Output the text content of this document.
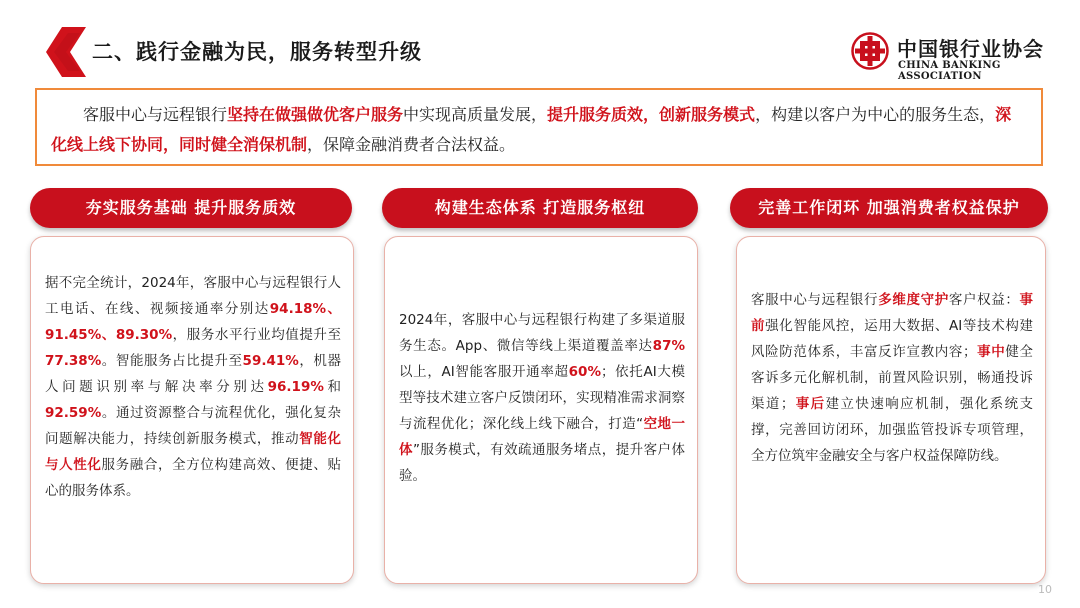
二、践行金融为民，服务转型升级	中国银行业协会
CHINA BANKING ASSOCIATION
客服中心与远程银行坚持在做强做优客户服务中实现高质量发展，提升服务质效，创新服务模式，构建以客户为中心的服务生态，深化线上线下协同，同时健全消保机制，保障金融消费者合法权益。
夯实服务基础 提升服务质效
据不完全统计，2024年，客服中心与远程银行人工电话、在线、视频接通率分别达94.18%、91.45%、89.30%，服务水平行业均值提升至77.38%。智能服务占比提升至59.41%，机器人问题识别率与解决率分别达96.19%和92.59%。通过资源整合与流程优化，强化复杂问题解决能力，持续创新服务模式，推动智能化与人性化服务融合，全方位构建高效、便捷、贴心的服务体系。
构建生态体系 打造服务枢纽
2024年，客服中心与远程银行构建了多渠道服务生态。App、微信等线上渠道覆盖率达87%以上，AI智能客服开通率超60%；依托AI大模型等技术建立客户反馈闭环，实现精准需求洞察与流程优化；深化线上线下融合，打造“空地一体”服务模式，有效疏通服务堵点，提升客户体验。
完善工作闭环 加强消费者权益保护
客服中心与远程银行多维度守护客户权益：事前强化智能风控，运用大数据、AI等技术构建风险防范体系，丰富反诈宣教内容；事中健全客诉多元化解机制，前置风险识别，畅通投诉渠道；事后建立快速响应机制，强化系统支撑，完善回访闭环，加强监管投诉专项管理，全方位筑牢金融安全与客户权益保障防线。
10
